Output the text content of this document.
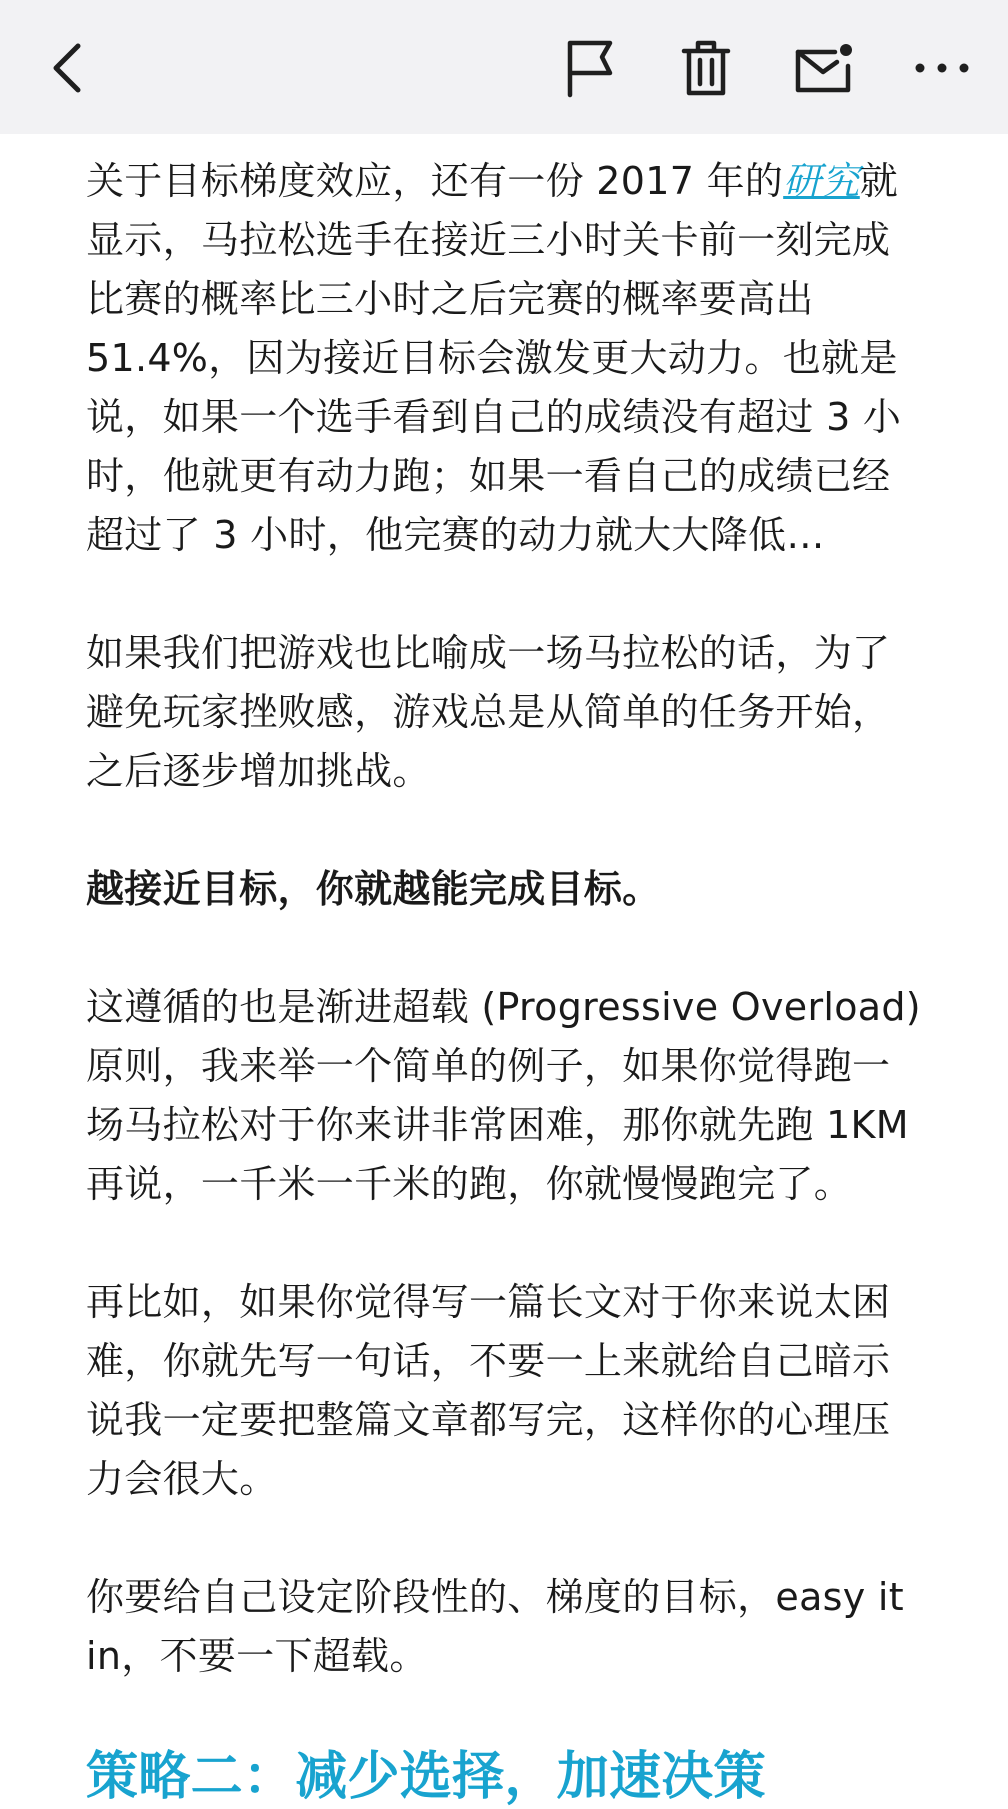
关于目标梯度效应，还有一份 2017 年的研究就显示，马拉松选手在接近三小时关卡前一刻完成比赛的概率比三小时之后完赛的概率要高出 51.4%，因为接近目标会激发更大动力。也就是说，如果一个选手看到自己的成绩没有超过 3 小时，他就更有动力跑；如果一看自己的成绩已经超过了 3 小时，他完赛的动力就大大降低…

如果我们把游戏也比喻成一场马拉松的话，为了避免玩家挫败感，游戏总是从简单的任务开始，之后逐步增加挑战。

越接近目标，你就越能完成目标。

这遵循的也是渐进超载 (Progressive Overload) 原则，我来举一个简单的例子，如果你觉得跑一场马拉松对于你来讲非常困难，那你就先跑 1KM 再说，一千米一千米的跑，你就慢慢跑完了。

再比如，如果你觉得写一篇长文对于你来说太困难，你就先写一句话，不要一上来就给自己暗示说我一定要把整篇文章都写完，这样你的心理压力会很大。

你要给自己设定阶段性的、梯度的目标，easy it in，不要一下超载。

策略二：减少选择，加速决策
